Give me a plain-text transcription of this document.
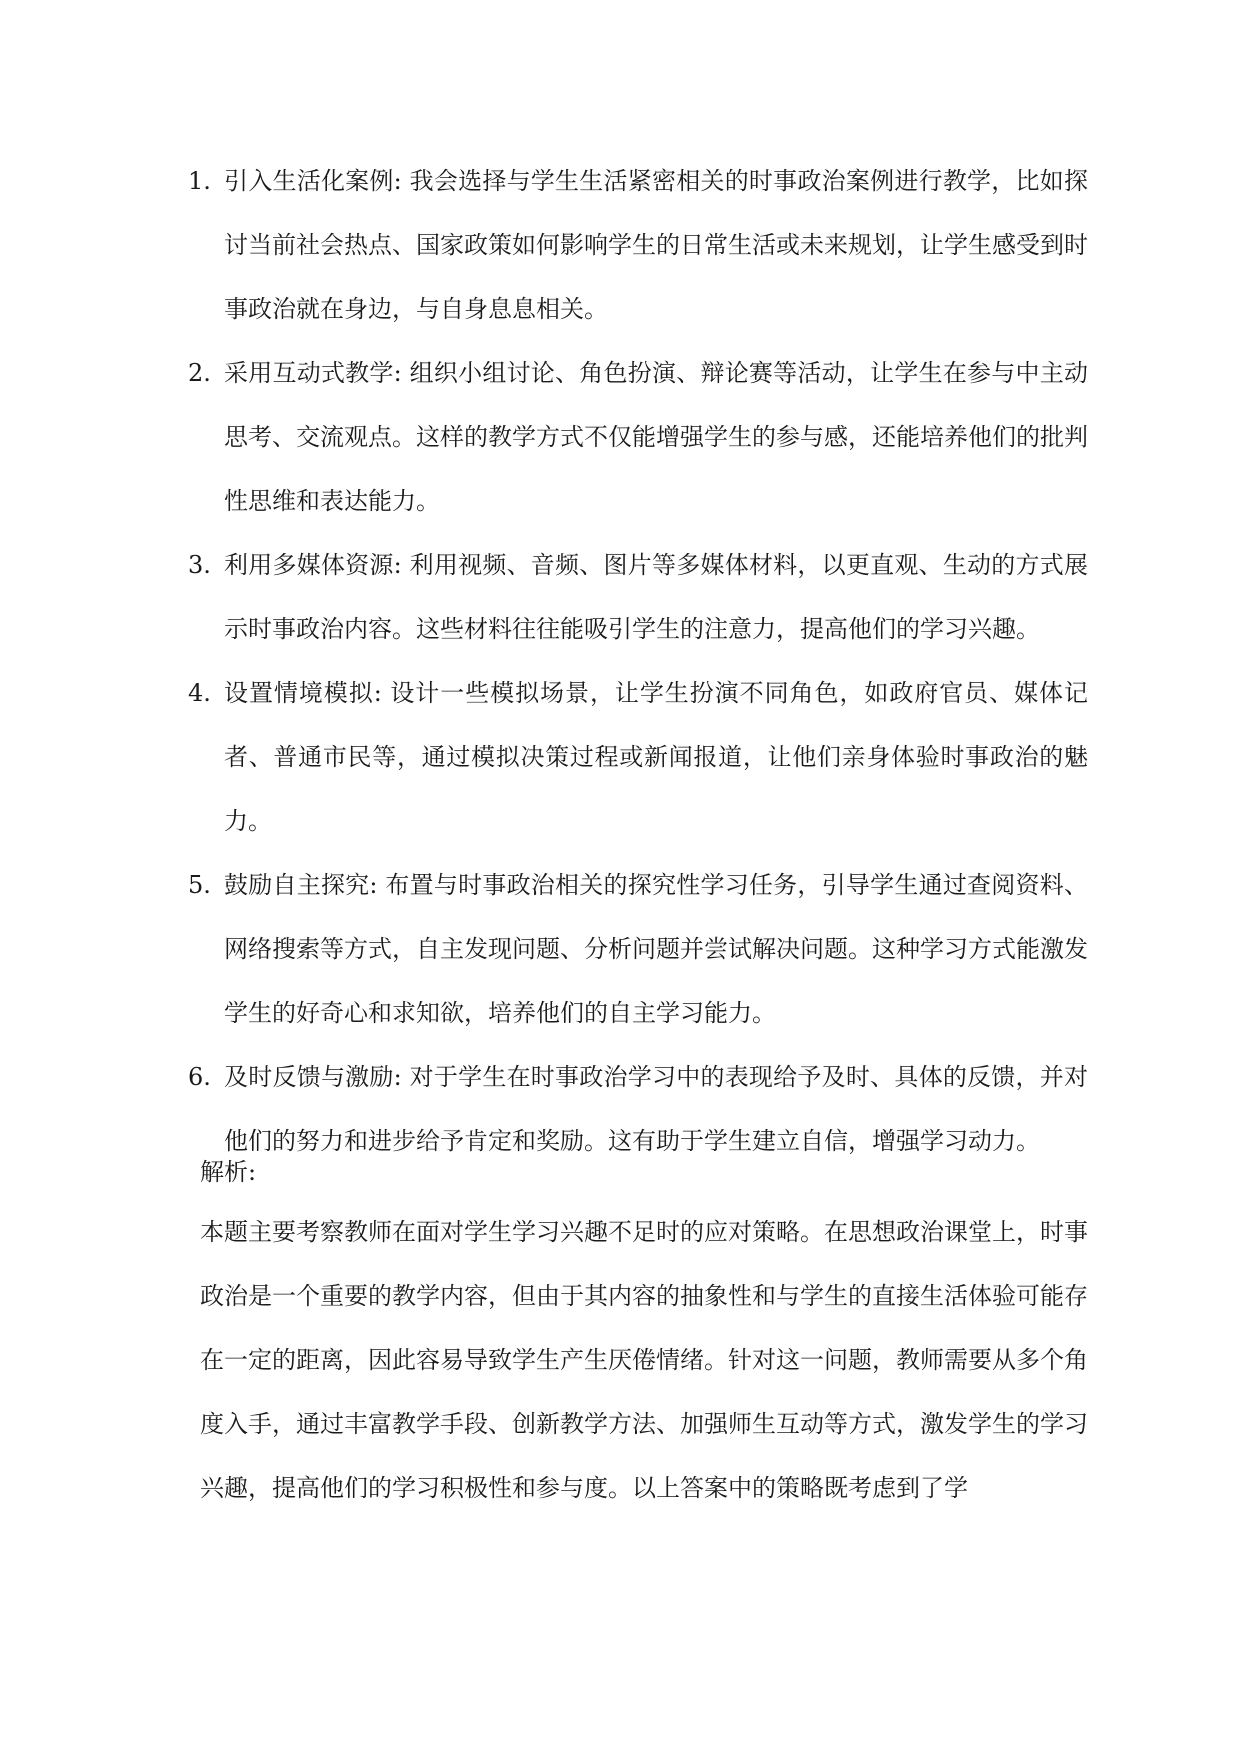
1. 引入生活化案例: 我会选择与学生生活紧密相关的时事政治案例进行教学，比如探讨当前社会热点、国家政策如何影响学生的日常生活或未来规划，让学生感受到时事政治就在身边，与自身息息相关。
2. 采用互动式教学: 组织小组讨论、角色扮演、辩论赛等活动，让学生在参与中主动思考、交流观点。这样的教学方式不仅能增强学生的参与感，还能培养他们的批判性思维和表达能力。
3. 利用多媒体资源: 利用视频、音频、图片等多媒体材料，以更直观、生动的方式展示时事政治内容。这些材料往往能吸引学生的注意力，提高他们的学习兴趣。
4. 设置情境模拟: 设计一些模拟场景，让学生扮演不同角色，如政府官员、媒体记者、普通市民等，通过模拟决策过程或新闻报道，让他们亲身体验时事政治的魅力。
5. 鼓励自主探究: 布置与时事政治相关的探究性学习任务，引导学生通过查阅资料、网络搜索等方式，自主发现问题、分析问题并尝试解决问题。这种学习方式能激发学生的好奇心和求知欲，培养他们的自主学习能力。
6. 及时反馈与激励: 对于学生在时事政治学习中的表现给予及时、具体的反馈，并对他们的努力和进步给予肯定和奖励。这有助于学生建立自信，增强学习动力。
解析:
本题主要考察教师在面对学生学习兴趣不足时的应对策略。在思想政治课堂上，时事政治是一个重要的教学内容，但由于其内容的抽象性和与学生的直接生活体验可能存在一定的距离，因此容易导致学生产生厌倦情绪。针对这一问题，教师需要从多个角度入手，通过丰富教学手段、创新教学方法、加强师生互动等方式，激发学生的学习兴趣，提高他们的学习积极性和参与度。以上答案中的策略既考虑到了学
